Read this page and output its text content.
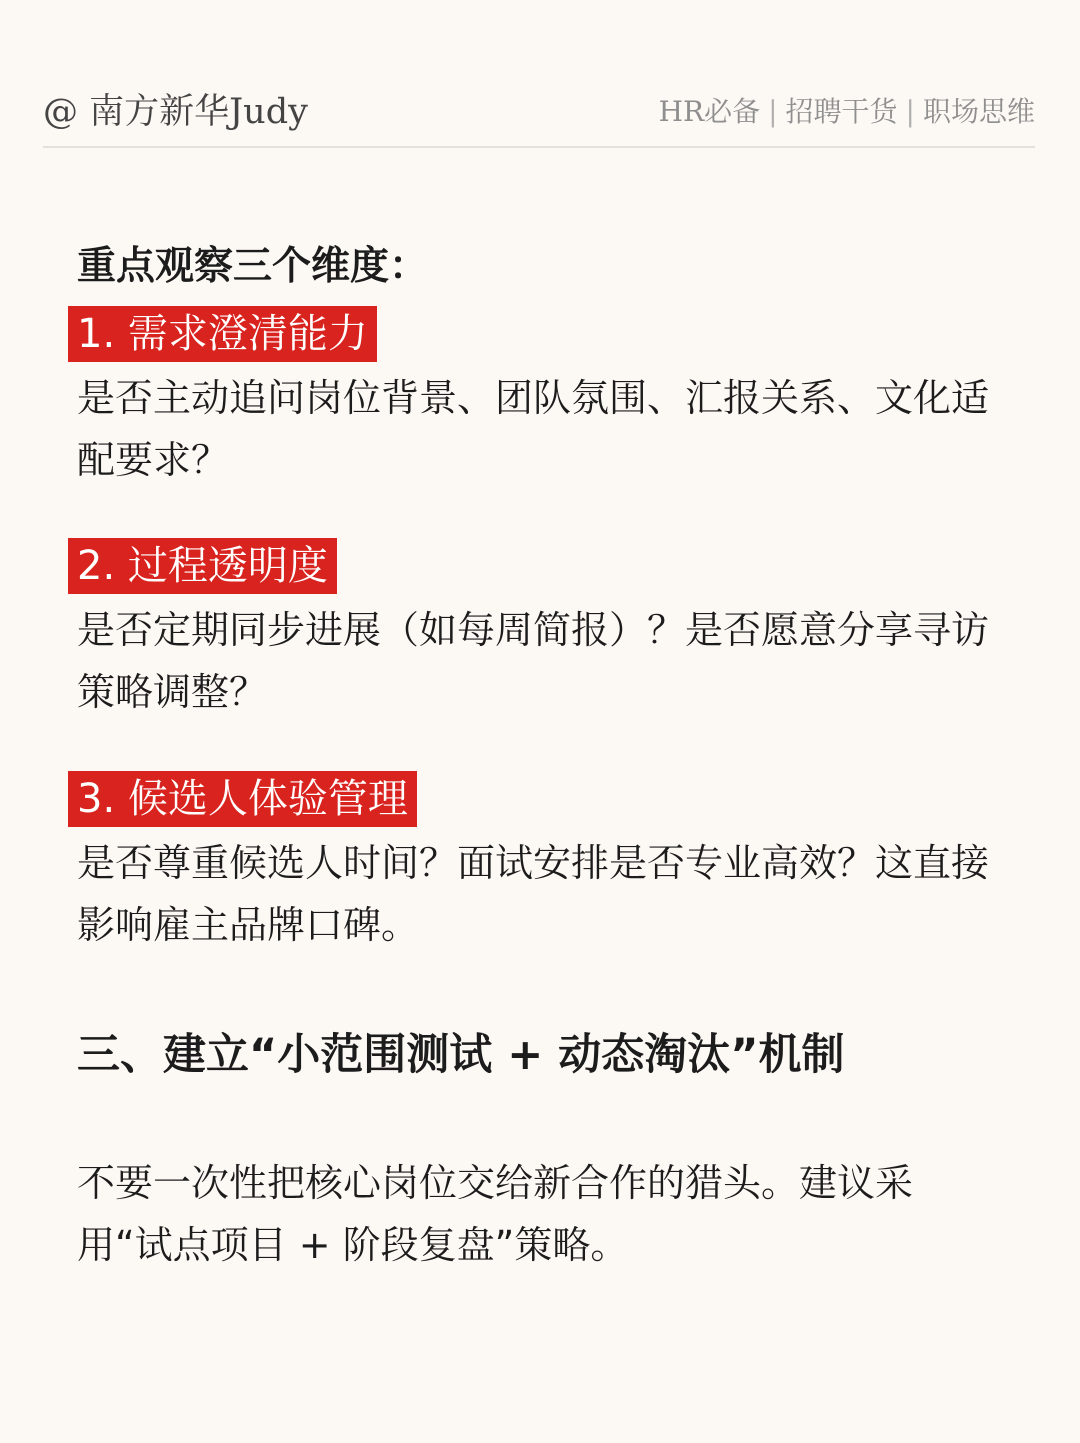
@ 南方新华Judy	HR必备 | 招聘干货 | 职场思维
重点观察三个维度：
1. 需求澄清能力
是否主动追问岗位背景、团队氛围、汇报关系、文化适配要求？
2. 过程透明度
是否定期同步进展（如每周简报）？是否愿意分享寻访策略调整？
3. 候选人体验管理
是否尊重候选人时间？面试安排是否专业高效？这直接影响雇主品牌口碑。
三、建立“小范围测试 + 动态淘汰”机制
不要一次性把核心岗位交给新合作的猎头。建议采用“试点项目 + 阶段复盘”策略。
